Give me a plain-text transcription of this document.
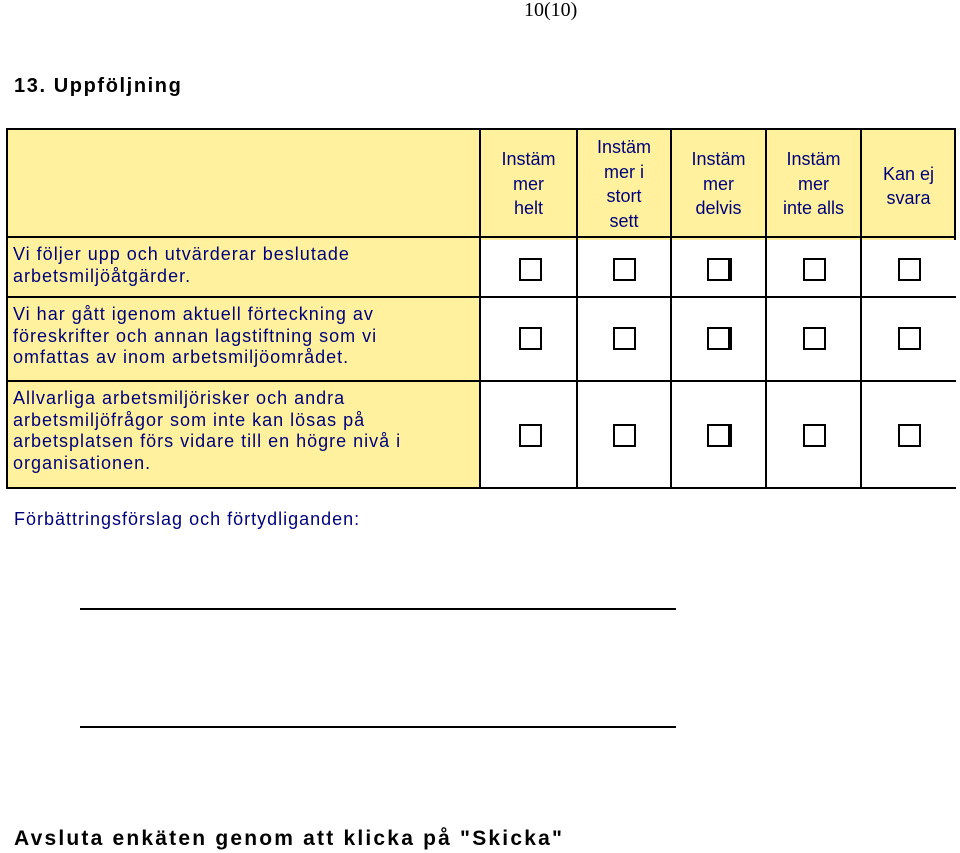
10(10)
13. Uppföljning
Instäm
mer
helt
Instäm
mer i
stort
sett
Instäm
mer
delvis
Instäm
mer
inte alls
Kan ej
svara
Vi följer upp och utvärderar beslutade
arbetsmiljöåtgärder.
Vi har gått igenom aktuell förteckning av
föreskrifter och annan lagstiftning som vi
omfattas av inom arbetsmiljöområdet.
Allvarliga arbetsmiljörisker och andra
arbetsmiljöfrågor som inte kan lösas på
arbetsplatsen förs vidare till en högre nivå i
organisationen.
Förbättringsförslag och förtydliganden:
Avsluta enkäten genom att klicka på "Skicka"
